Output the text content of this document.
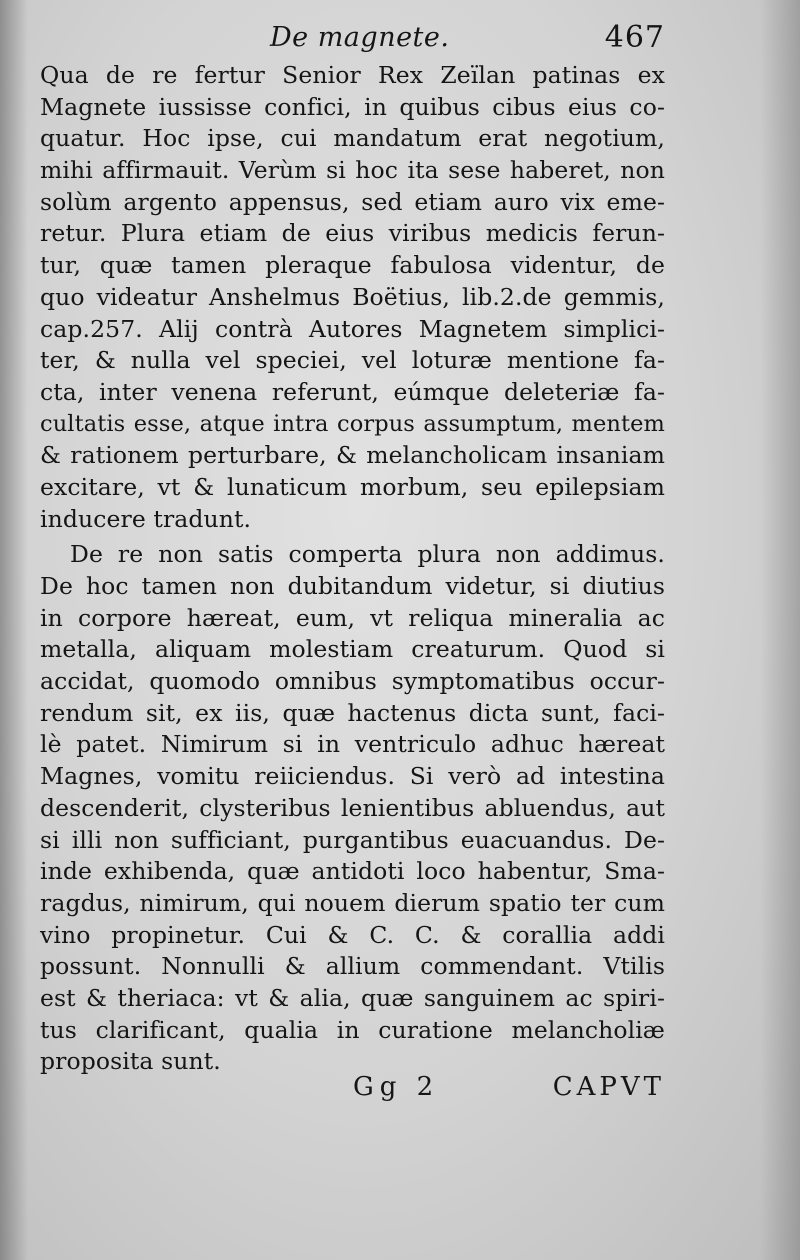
De magnete.	467
Qua de re fertur Senior Rex Zeïlan patinas ex
Magnete iussisse confici, in quibus cibus eius co-
quatur. Hoc ipse, cui mandatum erat negotium,
mihi affirmauit. Verùm si hoc ita sese haberet, non
solùm argento appensus, sed etiam auro vix eme-
retur. Plura etiam de eius viribus medicis ferun-
tur, quæ tamen pleraque fabulosa videntur, de
quo videatur Anshelmus Boëtius, lib.2.de gemmis,
cap.257. Alij contrà Autores Magnetem simplici-
ter, & nulla vel speciei, vel loturæ mentione fa-
cta, inter venena referunt, eúmque deleteriæ fa-
cultatis esse, atque intra corpus assumptum, mentem
& rationem perturbare, & melancholicam insaniam
excitare, vt & lunaticum morbum, seu epilepsiam
inducere tradunt.
De re non satis comperta plura non addimus.
De hoc tamen non dubitandum videtur, si diutius
in corpore hæreat, eum, vt reliqua mineralia ac
metalla, aliquam molestiam creaturum. Quod si
accidat, quomodo omnibus symptomatibus occur-
rendum sit, ex iis, quæ hactenus dicta sunt, faci-
lè patet. Nimirum si in ventriculo adhuc hæreat
Magnes, vomitu reiiciendus. Si verò ad intestina
descenderit, clysteribus lenientibus abluendus, aut
si illi non sufficiant, purgantibus euacuandus. De-
inde exhibenda, quæ antidoti loco habentur, Sma-
ragdus, nimirum, qui nouem dierum spatio ter cum
vino propinetur. Cui & C. C. & corallia addi
possunt. Nonnulli & allium commendant. Vtilis
est & theriaca: vt & alia, quæ sanguinem ac spiri-
tus clarificant, qualia in curatione melancholiæ
proposita sunt.
Gg 2	CAPVT
